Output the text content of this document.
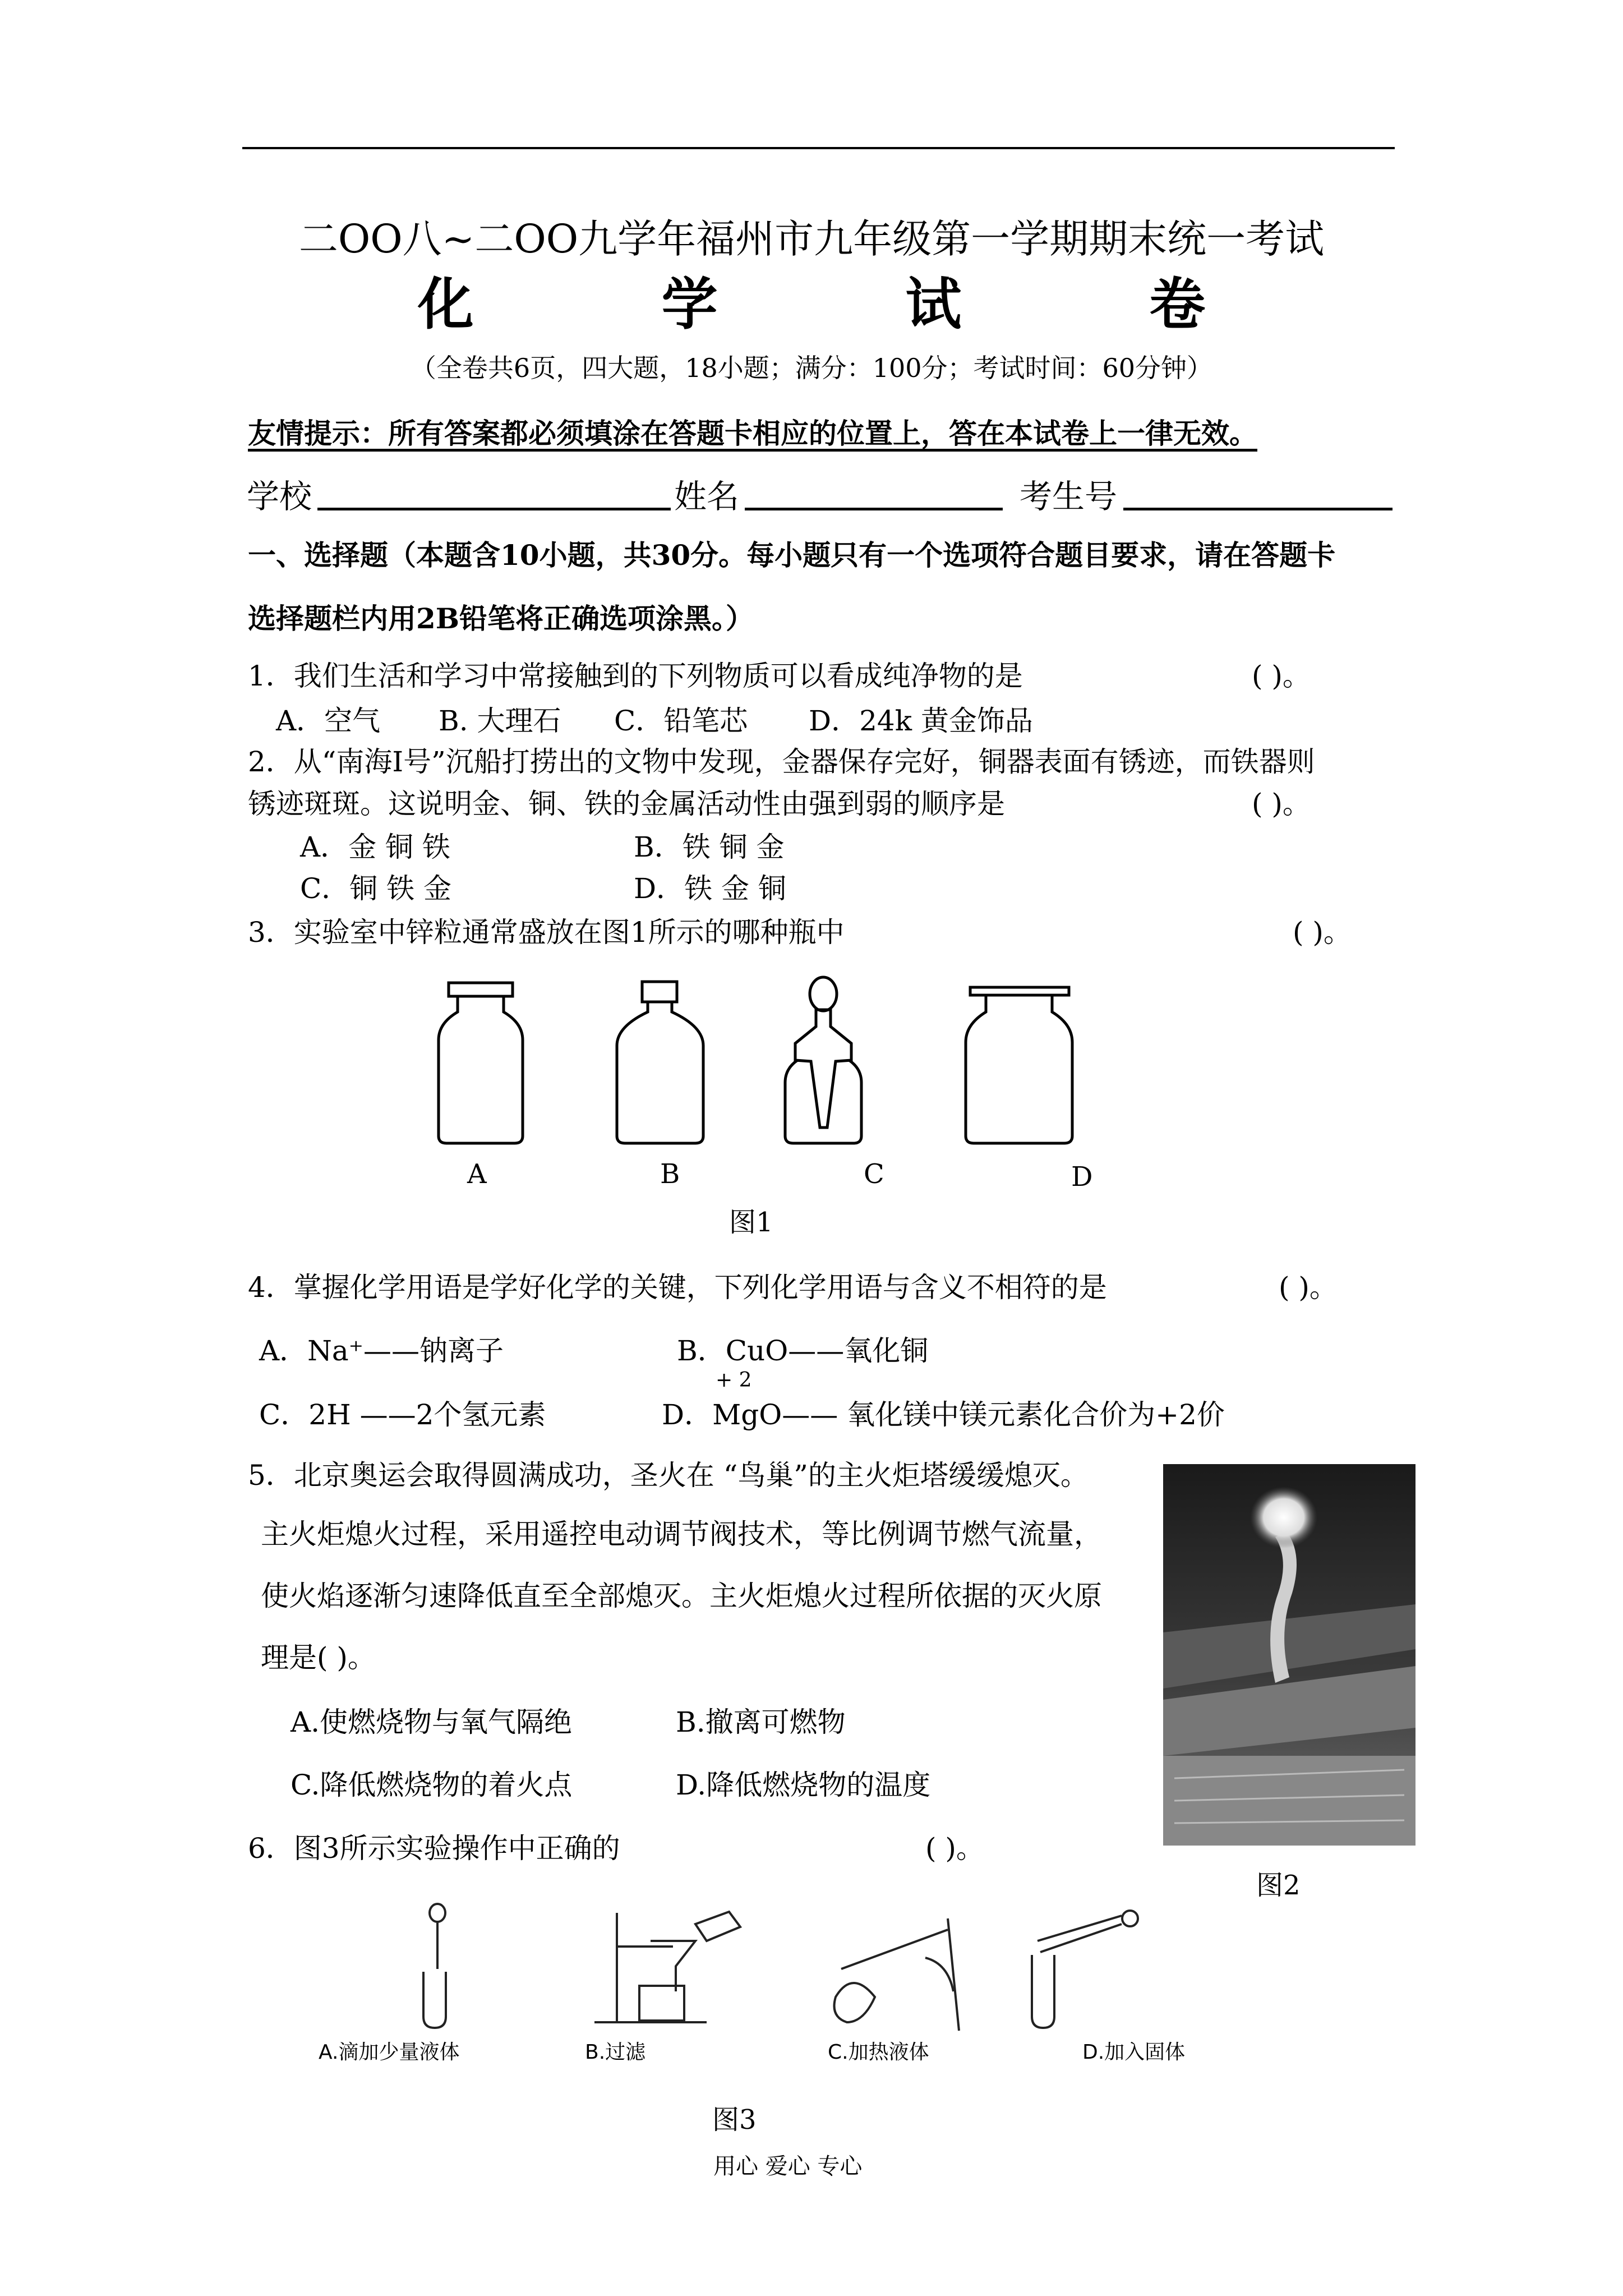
二OO八~二OO九学年福州市九年级第一学期期末统一考试
化 学 试 卷
（全卷共6页，四大题，18小题；满分：100分；考试时间：60分钟）
友情提示：所有答案都必须填涂在答题卡相应的位置上，答在本试卷上一律无效。
学校	姓名	考生号
一、选择题（本题含10小题，共30分。每小题只有一个选项符合题目要求，请在答题卡
选择题栏内用2B铅笔将正确选项涂黑。）
1．我们生活和学习中常接触到的下列物质可以看成纯净物的是	( )。
A．空气 B. 大理石 C．铅笔芯 D．24k 黄金饰品
2．从“南海Ⅰ号”沉船打捞出的文物中发现，金器保存完好，铜器表面有锈迹，而铁器则
锈迹斑斑。这说明金、铜、铁的金属活动性由强到弱的顺序是	( )。
A．金 铜 铁	B．铁 铜 金
C．铜 铁 金	D．铁 金 铜
3．实验室中锌粒通常盛放在图1所示的哪种瓶中	( )。
A	B	C	D
图1
4．掌握化学用语是学好化学的关键，下列化学用语与含义不相符的是	( )。
A．Na⁺——钠离子	B．CuO——氧化铜
+ 2
C．2H ——2个氢元素	D．MgO—— 氧化镁中镁元素化合价为+2价
5．北京奥运会取得圆满成功，圣火在 “鸟巢”的主火炬塔缓缓熄灭。
主火炬熄火过程，采用遥控电动调节阀技术，等比例调节燃气流量，
使火焰逐渐匀速降低直至全部熄灭。主火炬熄火过程所依据的灭火原
理是( )。
A.使燃烧物与氧气隔绝	B.撤离可燃物
C.降低燃烧物的着火点	D.降低燃烧物的温度
图2
6．图3所示实验操作中正确的	( )。
A.滴加少量液体	B.过滤	C.加热液体	D.加入固体
图3
用心 爱心 专心
